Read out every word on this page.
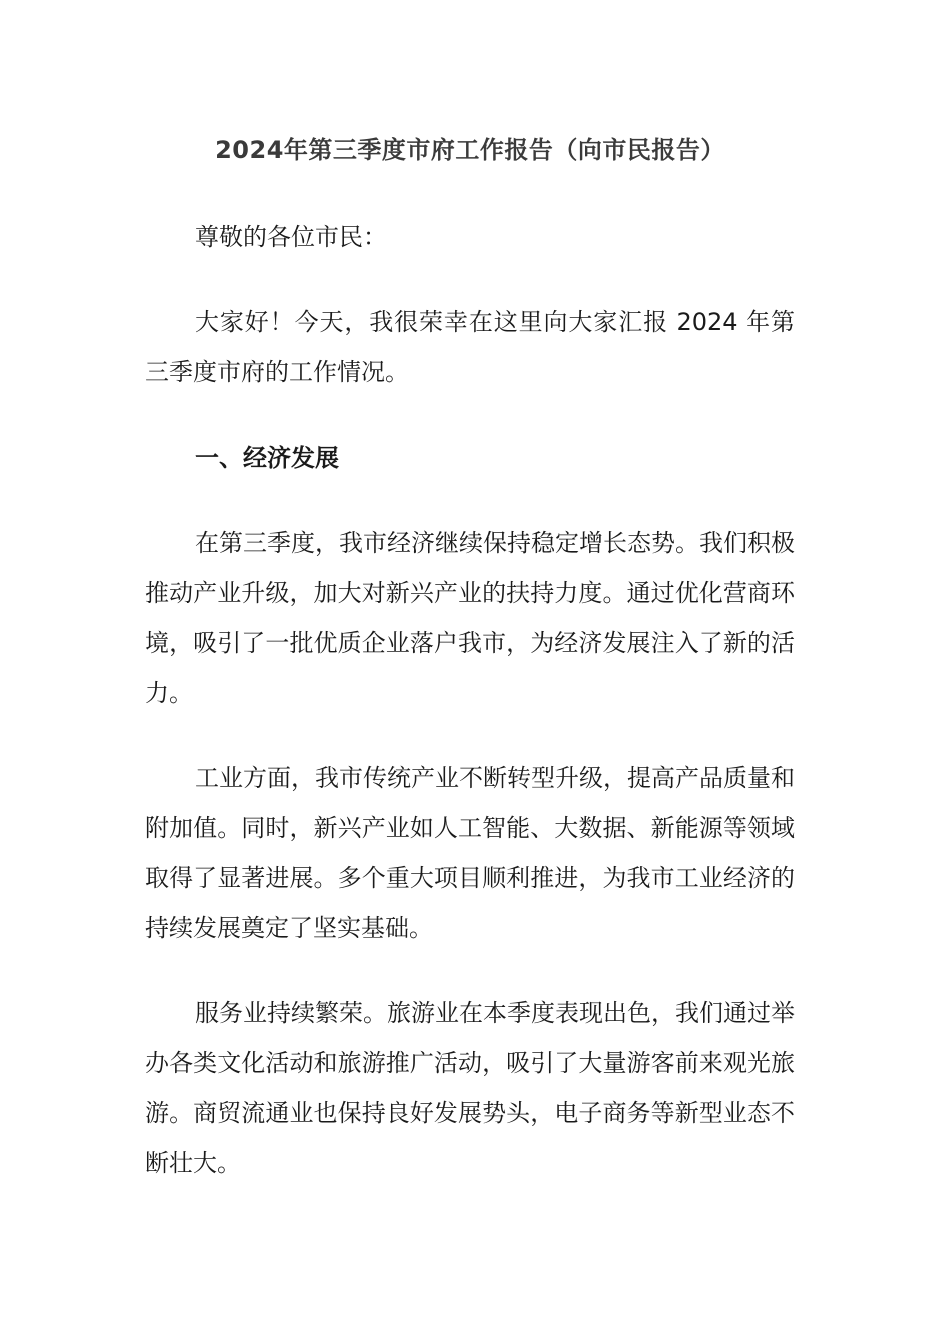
2024年第三季度市府工作报告（向市民报告）

尊敬的各位市民：

大家好！今天，我很荣幸在这里向大家汇报 2024 年第三季度市府的工作情况。

一、经济发展

在第三季度，我市经济继续保持稳定增长态势。我们积极推动产业升级，加大对新兴产业的扶持力度。通过优化营商环境，吸引了一批优质企业落户我市，为经济发展注入了新的活力。

工业方面，我市传统产业不断转型升级，提高产品质量和附加值。同时，新兴产业如人工智能、大数据、新能源等领域取得了显著进展。多个重大项目顺利推进，为我市工业经济的持续发展奠定了坚实基础。

服务业持续繁荣。旅游业在本季度表现出色，我们通过举办各类文化活动和旅游推广活动，吸引了大量游客前来观光旅游。商贸流通业也保持良好发展势头，电子商务等新型业态不断壮大。
